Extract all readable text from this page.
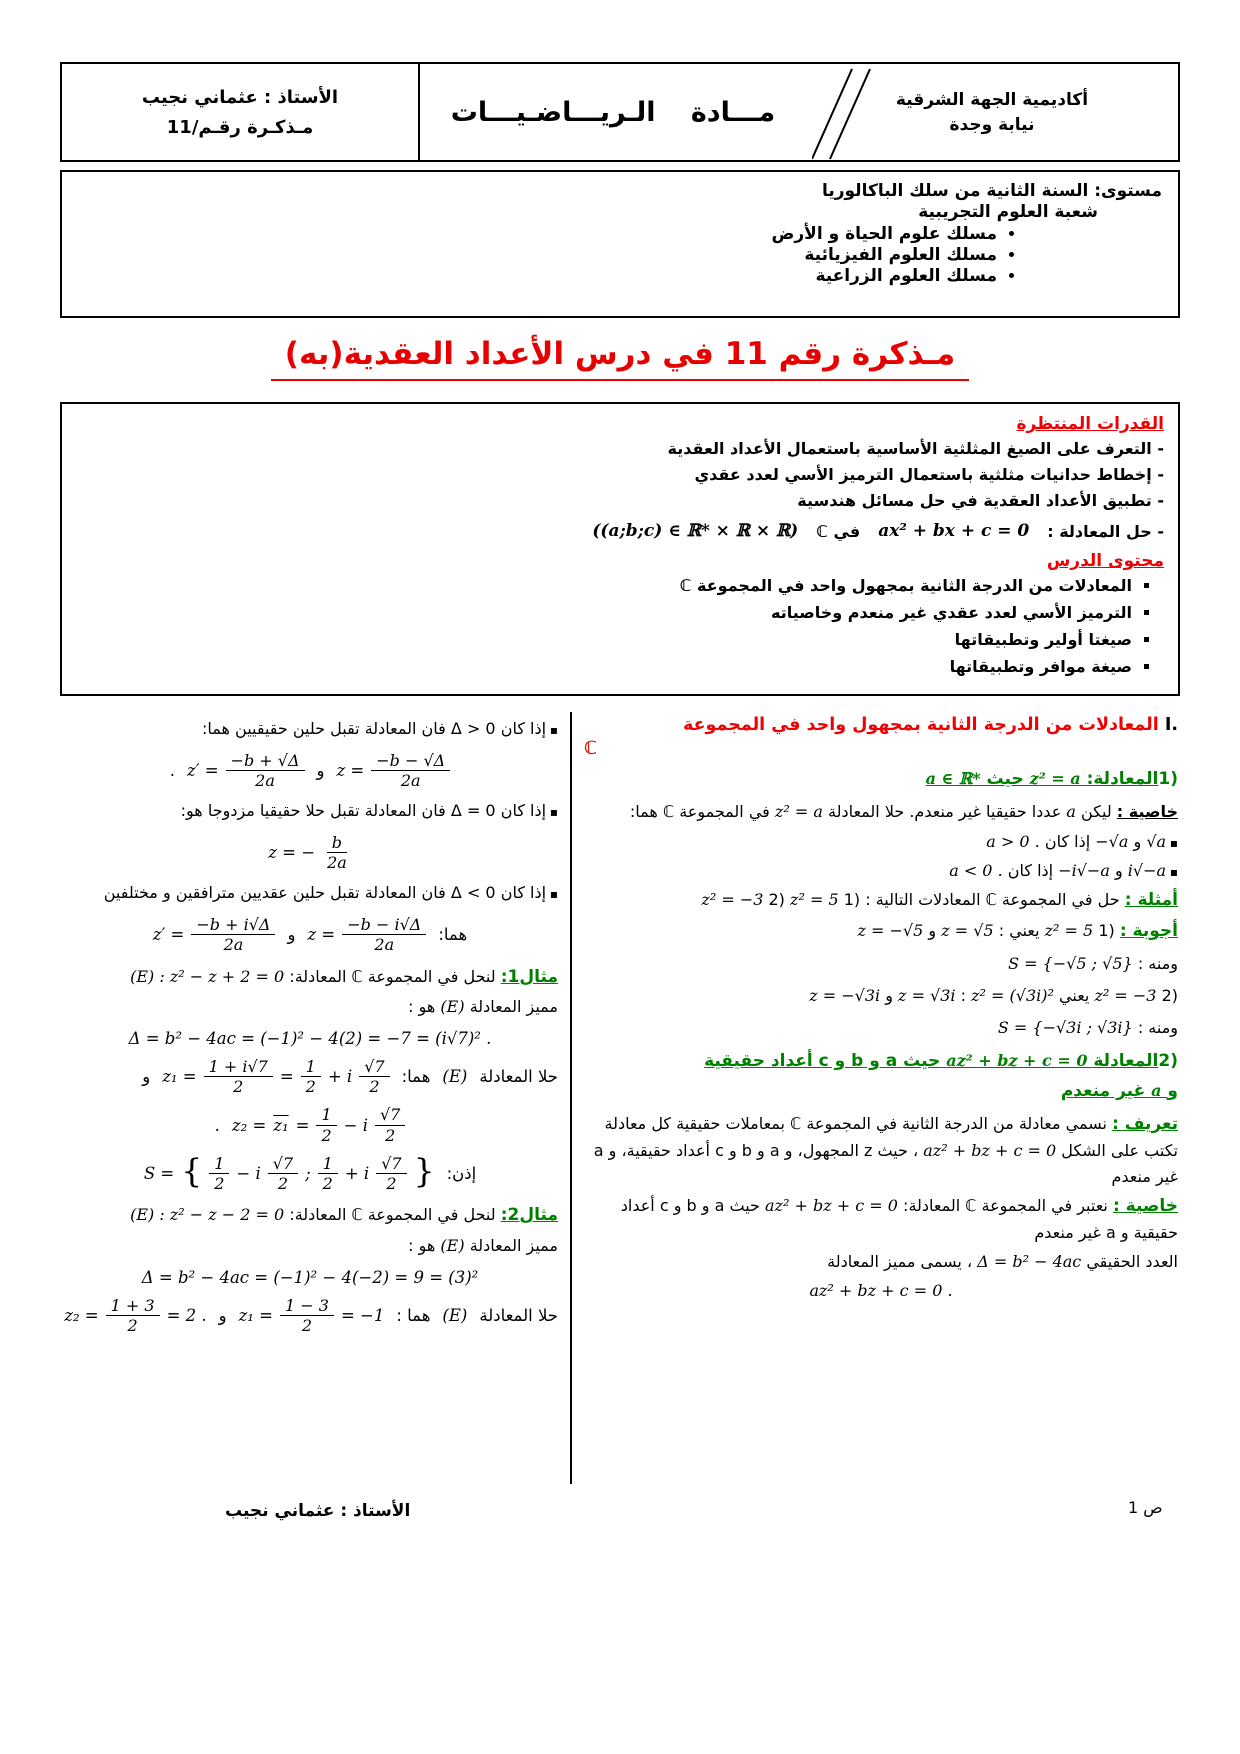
أكاديمية الجهة الشرقية
نيابة وجدة
مـــادة الـريـــاضـيـــات
الأستاذ : عثماني نجيب
مـذكـرة رقـم/11
مستوى: السنة الثانية من سلك الباكالوريا
شعبة العلوم التجريبية
• مسلك علوم الحياة و الأرض
• مسلك العلوم الفيزيائية
• مسلك العلوم الزراعية
مـذكرة رقم 11 في درس الأعداد العقدية(به)
القدرات المنتظرة
- التعرف على الصيغ المثلثية الأساسية باستعمال الأعداد العقدية
- إخطاط حدانيات مثلثية باستعمال الترميز الأسي لعدد عقدي
- تطبيق الأعداد العقدية في حل مسائل هندسية
- حل المعادلة :
ax² + bx + c = 0
في ℂ
((a;b;c) ∈ ℝ* × ℝ × ℝ)
محتوى الدرس
▪ المعادلات من الدرجة الثانية بمجهول واحد في المجموعة ℂ
▪ الترميز الأسي لعدد عقدي غير منعدم وخاصياته
▪ صيغتا أولير وتطبيقاتها
▪ صيغة موافر وتطبيقاتها
I. المعادلات من الدرجة الثانية بمجهول واحد في المجموعة
ℂ
1)المعادلة: z² = a حيث a ∈ ℝ*

خاصية : ليكن a عددا حقيقيا غير منعدم. حلا المعادلة z² = a في المجموعة ℂ هما:

▪ √a و −√a إذا كان a > 0 .
▪ i√−a و −i√−a إذا كان a < 0 .

أمثلة : حل في المجموعة ℂ المعادلات التالية : 1) z² = 5 2) z² = −3

أجوبة : 1) z² = 5 يعني : z = √5 و z = −√5

ومنه : S = {−√5 ; √5}

2) z² = −3 يعني z² = (√3i)² : z = √3i و z = −√3i

ومنه : S = {−√3i ; √3i}

2)المعادلة az² + bz + c = 0 حيث a و b و c أعداد حقيقية
و a غير منعدم

تعريف : نسمي معادلة من الدرجة الثانية في المجموعة ℂ بمعاملات حقيقية كل معادلة تكتب على الشكل az² + bz + c = 0 ، حيث z المجهول، و a و b و c أعداد حقيقية، و a غير منعدم

خاصية : نعتبر في المجموعة ℂ المعادلة: az² + bz + c = 0 حيث a و b و c أعداد حقيقية و a غير منعدم

العدد الحقيقي Δ = b² − 4ac ، يسمى مميز المعادلة

az² + bz + c = 0 .

▪ إذا كان Δ > 0 فان المعادلة تقبل حلين حقيقيين هما:
$z = \frac{-b - √\Delta}{2a}$
و
$z' = \frac{-b + √\Delta}{2a}$
.
▪ إذا كان Δ = 0 فان المعادلة تقبل حلا حقيقيا مزدوجا هو:
z = − $\frac{b}{2a}$
▪ إذا كان Δ < 0 فان المعادلة تقبل حلين عقديين مترافقين و مختلفين
هما:
$z = \frac{-b - i√\Delta}{2a}$
و
$z' = \frac{-b + i√\Delta}{2a}$

مثال1: لنحل في المجموعة ℂ المعادلة: (E) : z² − z + 2 = 0

مميز المعادلة (E) هو :

Δ = b² − 4ac = (−1)² − 4(2) = −7 = (i√7)² .
حلا المعادلة
(E)
هما:
$z_1 = \frac{1 + i√7}{2} = \frac{1}{2} + i \frac{√7}{2}$
و
$z_2 = z_1 = \frac{1}{2} - i \frac{√7}{2}$
.
إذن:
S = { $\frac{1}{2} - i \frac{√7}{2}$ ; $\frac{1}{2} + i \frac{√7}{2}$ }

مثال2: لنحل في المجموعة ℂ المعادلة: (E) : z² − z − 2 = 0

مميز المعادلة (E) هو :

Δ = b² − 4ac = (−1)² − 4(−2) = 9 = (3)²
حلا المعادلة
(E)
هما :
$z_1 = \frac{1 - 3}{2} = -1$
و
$z_2 = \frac{1 + 3}{2} = 2$ .
الأستاذ : عثماني نجيب	ص 1
